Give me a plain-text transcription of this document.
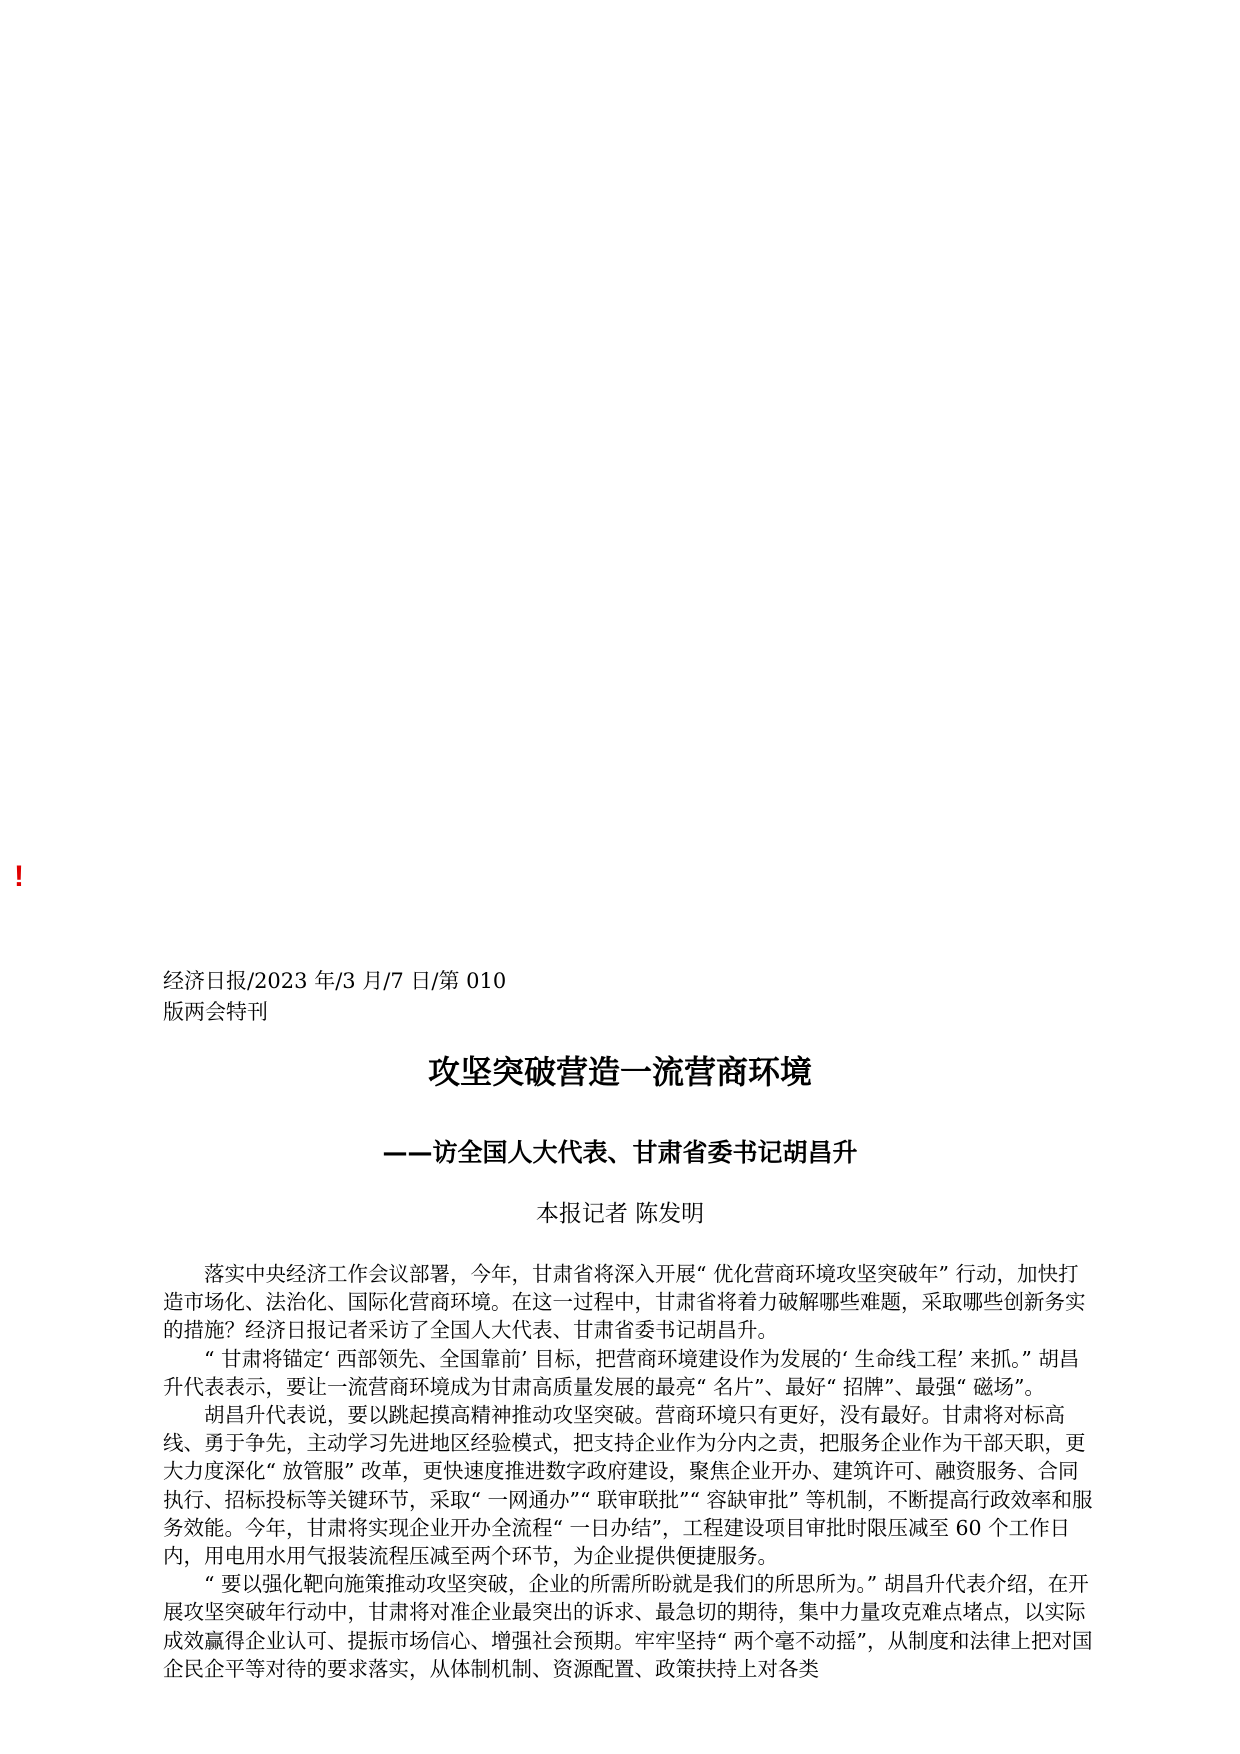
!
经济日报/2023 年/3 月/7 日/第 010
版两会特刊
攻坚突破营造一流营商环境
——访全国人大代表、甘肃省委书记胡昌升
本报记者 陈发明

落实中央经济工作会议部署，今年，甘肃省将深入开展“ 优化营商环境攻坚突破年” 行动，加快打造市场化、法治化、国际化营商环境。在这一过程中，甘肃省将着力破解哪些难题，采取哪些创新务实的措施？经济日报记者采访了全国人大代表、甘肃省委书记胡昌升。

“ 甘肃将锚定‘ 西部领先、全国靠前’ 目标，把营商环境建设作为发展的‘ 生命线工程’ 来抓。” 胡昌升代表表示，要让一流营商环境成为甘肃高质量发展的最亮“ 名片”、最好“ 招牌”、最强“ 磁场”。

胡昌升代表说，要以跳起摸高精神推动攻坚突破。营商环境只有更好，没有最好。甘肃将对标高线、勇于争先，主动学习先进地区经验模式，把支持企业作为分内之责，把服务企业作为干部天职，更大力度深化“ 放管服” 改革，更快速度推进数字政府建设，聚焦企业开办、建筑许可、融资服务、合同执行、招标投标等关键环节，采取“ 一网通办”“ 联审联批”“ 容缺审批” 等机制，不断提高行政效率和服务效能。今年，甘肃将实现企业开办全流程“ 一日办结”，工程建设项目审批时限压减至 60 个工作日内，用电用水用气报装流程压减至两个环节，为企业提供便捷服务。

“ 要以强化靶向施策推动攻坚突破，企业的所需所盼就是我们的所思所为。” 胡昌升代表介绍，在开展攻坚突破年行动中，甘肃将对准企业最突出的诉求、最急切的期待，集中力量攻克难点堵点，以实际成效赢得企业认可、提振市场信心、增强社会预期。牢牢坚持“ 两个毫不动摇”，从制度和法律上把对国企民企平等对待的要求落实，从体制机制、资源配置、政策扶持上对各类
